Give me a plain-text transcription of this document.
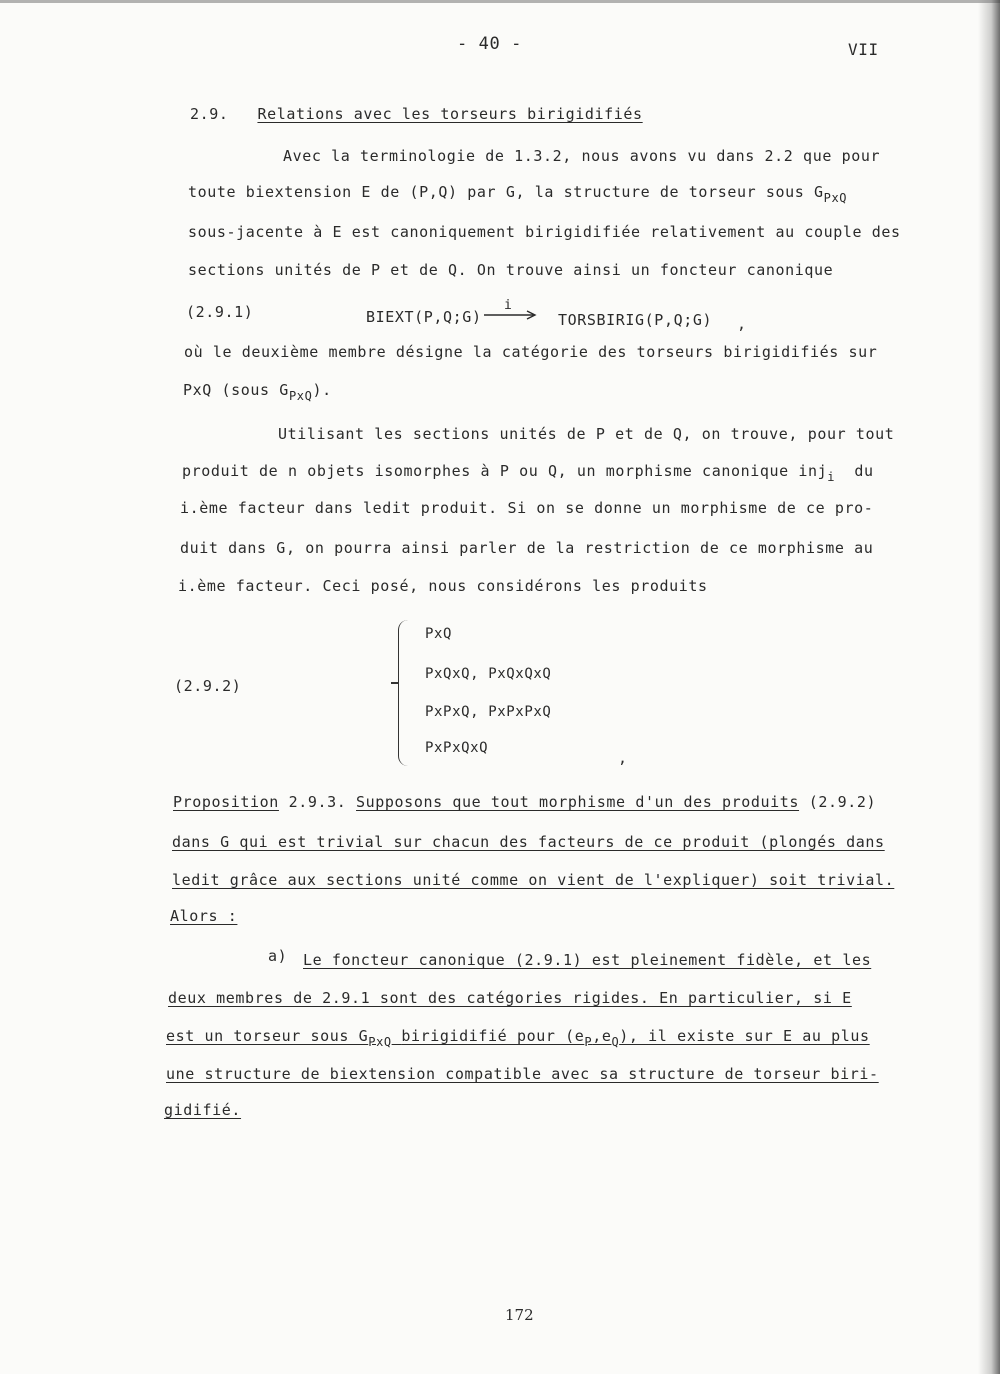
- 40 -	VII
2.9. Relations avec les torseurs birigidifiés
Avec la terminologie de 1.3.2, nous avons vu dans 2.2 que pour
toute biextension E de (P,Q) par G, la structure de torseur sous $G_{PxQ}$
sous-jacente à E est canoniquement birigidifiée relativement au couple des
sections unités de P et de Q. On trouve ainsi un foncteur canonique
(2.9.1)	BIEXT(P,Q;G)
i
TORSBIRIG(P,Q;G) ,
où le deuxième membre désigne la catégorie des torseurs birigidifiés sur
PxQ (sous $G_{PxQ}$).
Utilisant les sections unités de P et de Q, on trouve, pour tout
produit de n objets isomorphes à P ou Q, un morphisme canonique inj$_i$ du
i.ème facteur dans ledit produit. Si on se donne un morphisme de ce pro-
duit dans G, on pourra ainsi parler de la restriction de ce morphisme au
i.ème facteur. Ceci posé, nous considérons les produits
(2.9.2)
PxQ
PxQxQ, PxQxQxQ
PxPxQ, PxPxPxQ
PxPxQxQ
,
Proposition 2.9.3. Supposons que tout morphisme d'un des produits (2.9.2)
dans G qui est trivial sur chacun des facteurs de ce produit (plongés dans
ledit grâce aux sections unité comme on vient de l'expliquer) soit trivial.
Alors :
a) Le foncteur canonique (2.9.1) est pleinement fidèle, et les
deux membres de 2.9.1 sont des catégories rigides. En particulier, si E
est un torseur sous $G_{PxQ}$ birigidifié pour $(e_P,e_Q)$, il existe sur E au plus
une structure de biextension compatible avec sa structure de torseur biri-
gidifié.
172
